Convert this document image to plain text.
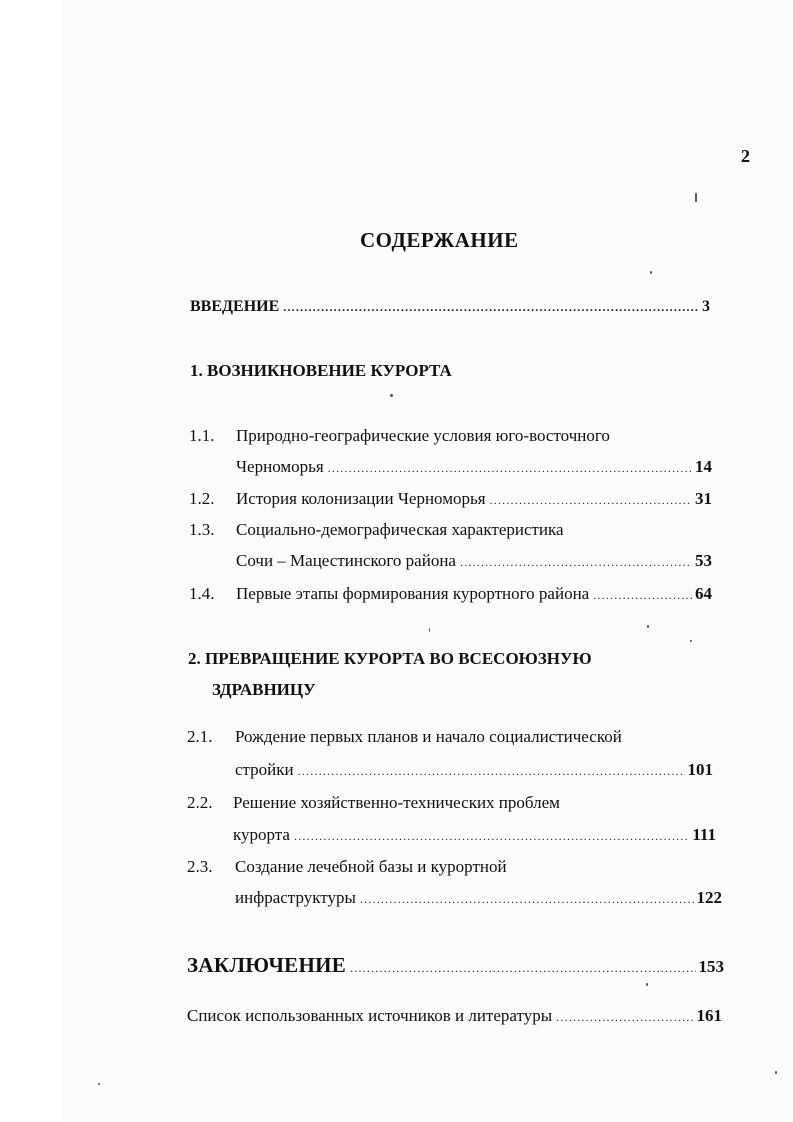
2
СОДЕРЖАНИЕ
ВВЕДЕНИЕ .....	3
1. ВОЗНИКНОВЕНИЕ КУРОРТА
1.1. Природно-географические условия юго-восточного
Черноморья .....	14
1.2. История колонизации Черноморья .....	31
1.3. Социально-демографическая характеристика
Сочи – Мацестинского района .....	53
1.4. Первые этапы формирования курортного района .....	64
2. ПРЕВРАЩЕНИЕ КУРОРТА ВО ВСЕСОЮЗНУЮ
ЗДРАВНИЦУ
2.1. Рождение первых планов и начало социалистической
стройки .....	101
2.2. Решение хозяйственно-технических проблем
курорта .....	111
2.3. Создание лечебной базы и курортной
инфраструктуры .....	122
ЗАКЛЮЧЕНИЕ .....	153
Список использованных источников и литературы .....	161
